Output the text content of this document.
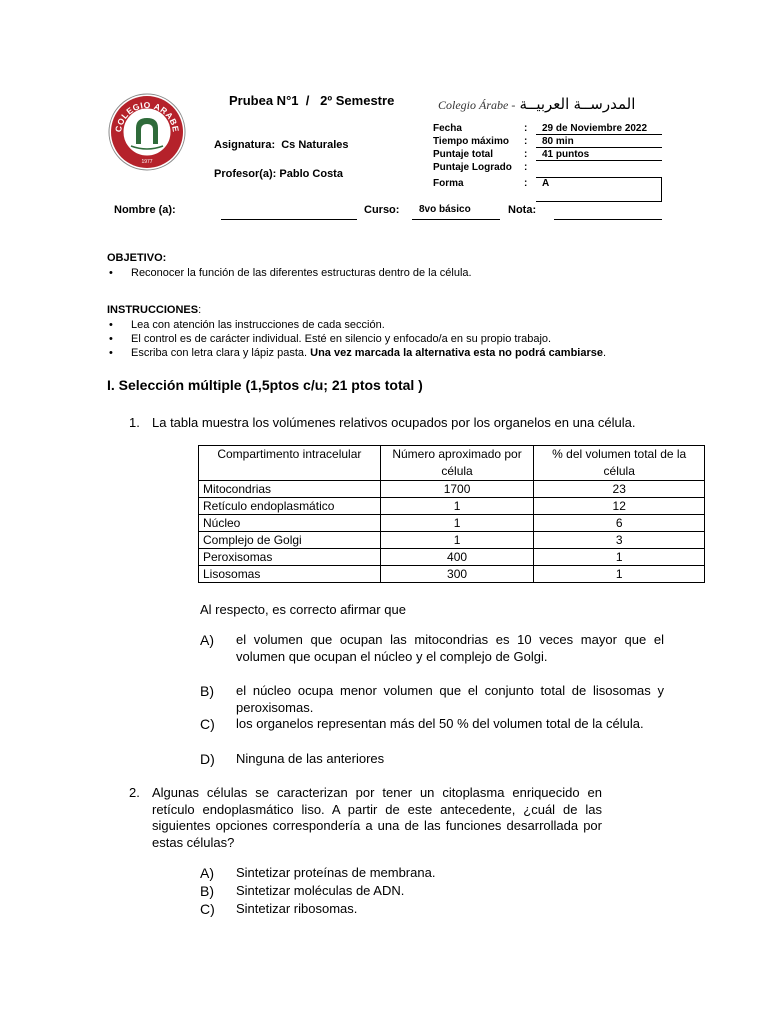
COLEGIO ARABE
1977
Prubea N°1  /   2º Semestre	Colegio Árabe - المدرســة العربيــة
Asignatura:  Cs Naturales
Profesor(a): Pablo Costa
Fecha	: 29 de Noviembre 2022
Tiempo máximo : 80 min
Puntaje total	: 41 puntos
Puntaje Logrado :
Forma	: A
Nombre (a):	Curso: 8vo básico	Nota:
OBJETIVO:
• Reconocer la función de las diferentes estructuras dentro de la célula.
INSTRUCCIONES:
• Lea con atención las instrucciones de cada sección.
• El control es de carácter individual. Esté en silencio y enfocado/a en su propio trabajo.
• Escriba con letra clara y lápiz pasta. Una vez marcada la alternativa esta no podrá cambiarse.
I. Selección múltiple (1,5ptos c/u; 21 ptos total )
1. La tabla muestra los volúmenes relativos ocupados por los organelos en una célula.
Compartimento intracelular	Número aproximado por célula	% del volumen total de la célula
Mitocondrias	1700	23
Retículo endoplasmático	1	12
Núcleo	1	6
Complejo de Golgi	1	3
Peroxisomas	400	1
Lisosomas	300	1
Al respecto, es correcto afirmar que
A) el volumen que ocupan las mitocondrias es 10 veces mayor que el volumen que ocupan el núcleo y el complejo de Golgi.
B) el núcleo ocupa menor volumen que el conjunto total de lisosomas y peroxisomas.
C) los organelos representan más del 50 % del volumen total de la célula.
D) Ninguna de las anteriores
2. Algunas células se caracterizan por tener un citoplasma enriquecido en retículo endoplasmático liso. A partir de este antecedente, ¿cuál de las siguientes opciones correspondería a una de las funciones desarrollada por estas células?
A) Sintetizar proteínas de membrana.
B) Sintetizar moléculas de ADN.
C) Sintetizar ribosomas.
